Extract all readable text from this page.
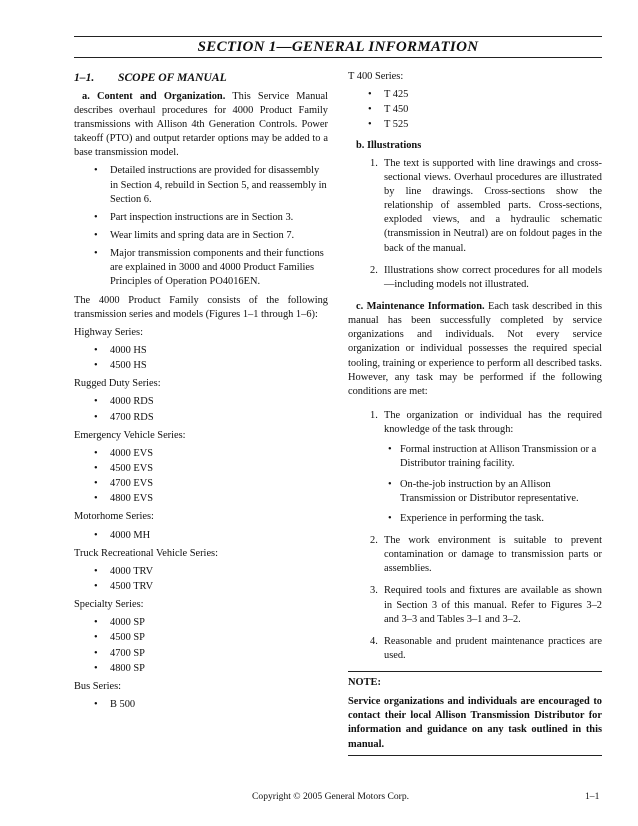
SECTION 1—GENERAL INFORMATION
1–1.	SCOPE OF MANUAL

a. Content and Organization. This Service Manual describes overhaul procedures for 4000 Product Family transmissions with Allison 4th Generation Controls. Power takeoff (PTO) and output retarder options may be added to a base transmission model.

• Detailed instructions are provided for disassembly in Section 4, rebuild in Section 5, and reassembly in Section 6.
• Part inspection instructions are in Section 3.
• Wear limits and spring data are in Section 7.
• Major transmission components and their functions are explained in 3000 and 4000 Product Families Principles of Operation PO4016EN.

The 4000 Product Family consists of the following transmission series and models (Figures 1–1 through 1–6):

Highway Series:
• 4000 HS
• 4500 HS
Rugged Duty Series:
• 4000 RDS
• 4700 RDS
Emergency Vehicle Series:
• 4000 EVS
• 4500 EVS
• 4700 EVS
• 4800 EVS
Motorhome Series:
• 4000 MH
Truck Recreational Vehicle Series:
• 4000 TRV
• 4500 TRV
Specialty Series:
• 4000 SP
• 4500 SP
• 4700 SP
• 4800 SP
Bus Series:
• B 500
T 400 Series:
• T 425
• T 450
• T 525
b. Illustrations
1. The text is supported with line drawings and cross-sectional views. Overhaul procedures are illustrated by line drawings. Cross-sections show the relationship of assembled parts. Cross-sections, exploded views, and a hydraulic schematic (transmission in Neutral) are on foldout pages in the back of the manual.
2. Illustrations show correct procedures for all models—including models not illustrated.

c. Maintenance Information. Each task described in this manual has been successfully completed by service organizations and individuals. Not every service organization or individual possesses the required special tooling, training or experience to perform all described tasks. However, any task may be performed if the following conditions are met:

1. The organization or individual has the required knowledge of the task through:
• Formal instruction at Allison Transmission or a Distributor training facility.
• On-the-job instruction by an Allison Transmission or Distributor representative.
• Experience in performing the task.
2. The work environment is suitable to prevent contamination or damage to transmission parts or assemblies.
3. Required tools and fixtures are available as shown in Section 3 of this manual. Refer to Figures 3–2 and 3–3 and Tables 3–1 and 3–2.
4. Reasonable and prudent maintenance practices are used.
NOTE:
Service organizations and individuals are encouraged to contact their local Allison Transmission Distributor for information and guidance on any task outlined in this manual.
Copyright © 2005 General Motors Corp.	1–1
